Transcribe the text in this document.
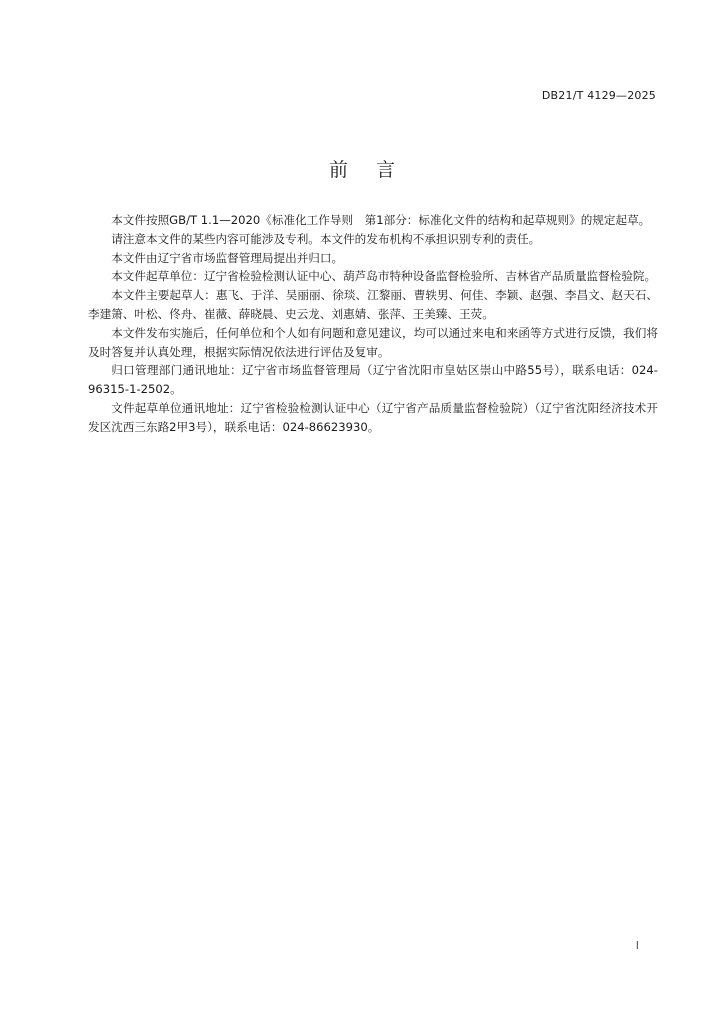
DB21/T 4129—2025
前 言

本文件按照GB/T 1.1—2020《标准化工作导则　第1部分：标准化文件的结构和起草规则》的规定起草。

请注意本文件的某些内容可能涉及专利。本文件的发布机构不承担识别专利的责任。

本文件由辽宁省市场监督管理局提出并归口。

本文件起草单位：辽宁省检验检测认证中心、葫芦岛市特种设备监督检验所、吉林省产品质量监督检验院。

本文件主要起草人：惠飞、于洋、吴丽丽、徐琰、江黎丽、曹轶男、何佳、李颖、赵强、李昌文、赵天石、李建箫、叶松、佟舟、崔薇、薛晓晨、史云龙、刘惠婧、张萍、王美臻、王荧。

本文件发布实施后，任何单位和个人如有问题和意见建议，均可以通过来电和来函等方式进行反馈，我们将及时答复并认真处理，根据实际情况依法进行评估及复审。

归口管理部门通讯地址：辽宁省市场监督管理局（辽宁省沈阳市皇姑区崇山中路55号），联系电话：024-96315-1-2502。

文件起草单位通讯地址：辽宁省检验检测认证中心（辽宁省产品质量监督检验院）（辽宁省沈阳经济技术开发区沈西三东路2甲3号），联系电话：024-86623930。

I
